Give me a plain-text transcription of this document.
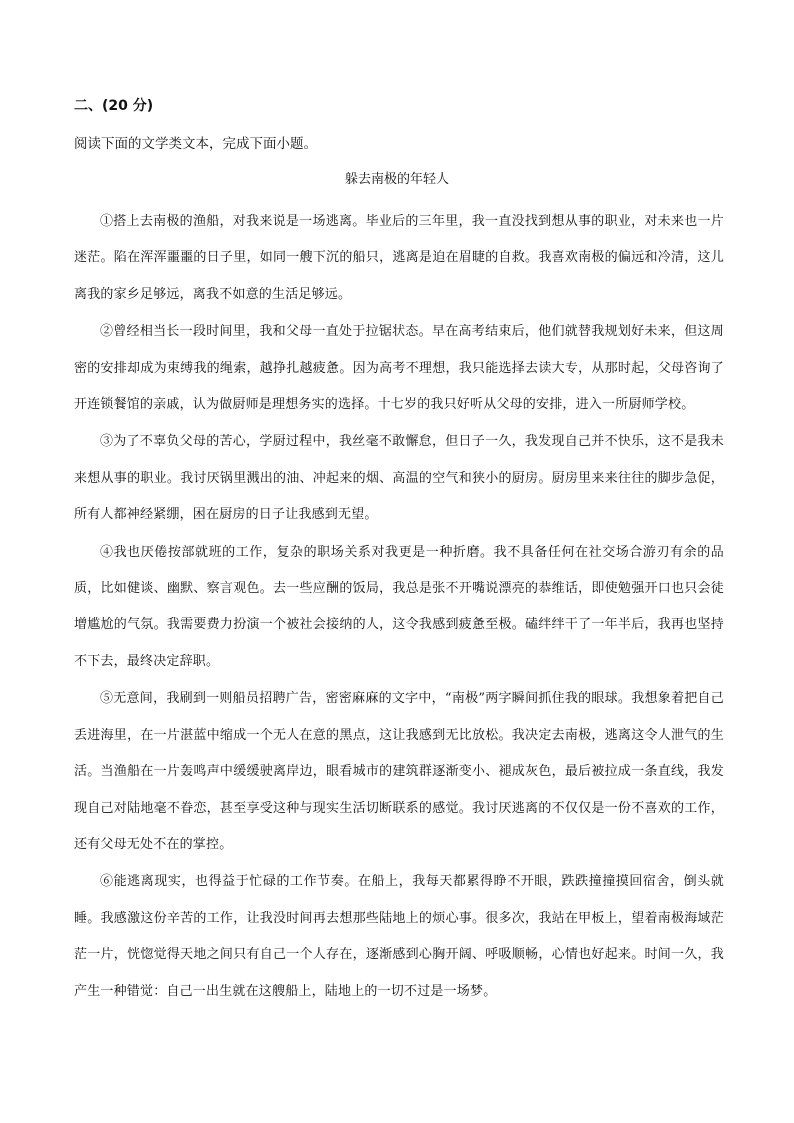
二、(20 分)
阅读下面的文学类文本，完成下面小题。
躲去南极的年轻人

①搭上去南极的渔船，对我来说是一场逃离。毕业后的三年里，我一直没找到想从事的职业，对未来也一片迷茫。陷在浑浑噩噩的日子里，如同一艘下沉的船只，逃离是迫在眉睫的自救。我喜欢南极的偏远和冷清，这儿离我的家乡足够远，离我不如意的生活足够远。

②曾经相当长一段时间里，我和父母一直处于拉锯状态。早在高考结束后，他们就替我规划好未来，但这周密的安排却成为束缚我的绳索，越挣扎越疲惫。因为高考不理想，我只能选择去读大专，从那时起，父母咨询了开连锁餐馆的亲戚，认为做厨师是理想务实的选择。十七岁的我只好听从父母的安排，进入一所厨师学校。

③为了不辜负父母的苦心，学厨过程中，我丝毫不敢懈怠，但日子一久，我发现自己并不快乐，这不是我未来想从事的职业。我讨厌锅里溅出的油、冲起来的烟、高温的空气和狭小的厨房。厨房里来来往往的脚步急促，所有人都神经紧绷，困在厨房的日子让我感到无望。

④我也厌倦按部就班的工作，复杂的职场关系对我更是一种折磨。我不具备任何在社交场合游刃有余的品质，比如健谈、幽默、察言观色。去一些应酬的饭局，我总是张不开嘴说漂亮的恭维话，即使勉强开口也只会徒增尴尬的气氛。我需要费力扮演一个被社会接纳的人，这令我感到疲惫至极。磕绊绊干了一年半后，我再也坚持不下去，最终决定辞职。

⑤无意间，我刷到一则船员招聘广告，密密麻麻的文字中，“南极”两字瞬间抓住我的眼球。我想象着把自己丢进海里，在一片湛蓝中缩成一个无人在意的黑点，这让我感到无比放松。我决定去南极，逃离这令人泄气的生活。当渔船在一片轰鸣声中缓缓驶离岸边，眼看城市的建筑群逐渐变小、褪成灰色，最后被拉成一条直线，我发现自己对陆地毫不眷恋，甚至享受这种与现实生活切断联系的感觉。我讨厌逃离的不仅仅是一份不喜欢的工作，还有父母无处不在的掌控。

⑥能逃离现实，也得益于忙碌的工作节奏。在船上，我每天都累得睁不开眼，跌跌撞撞摸回宿舍，倒头就睡。我感激这份辛苦的工作，让我没时间再去想那些陆地上的烦心事。很多次，我站在甲板上，望着南极海域茫茫一片，恍惚觉得天地之间只有自己一个人存在，逐渐感到心胸开阔、呼吸顺畅，心情也好起来。时间一久，我产生一种错觉：自己一出生就在这艘船上，陆地上的一切不过是一场梦。
